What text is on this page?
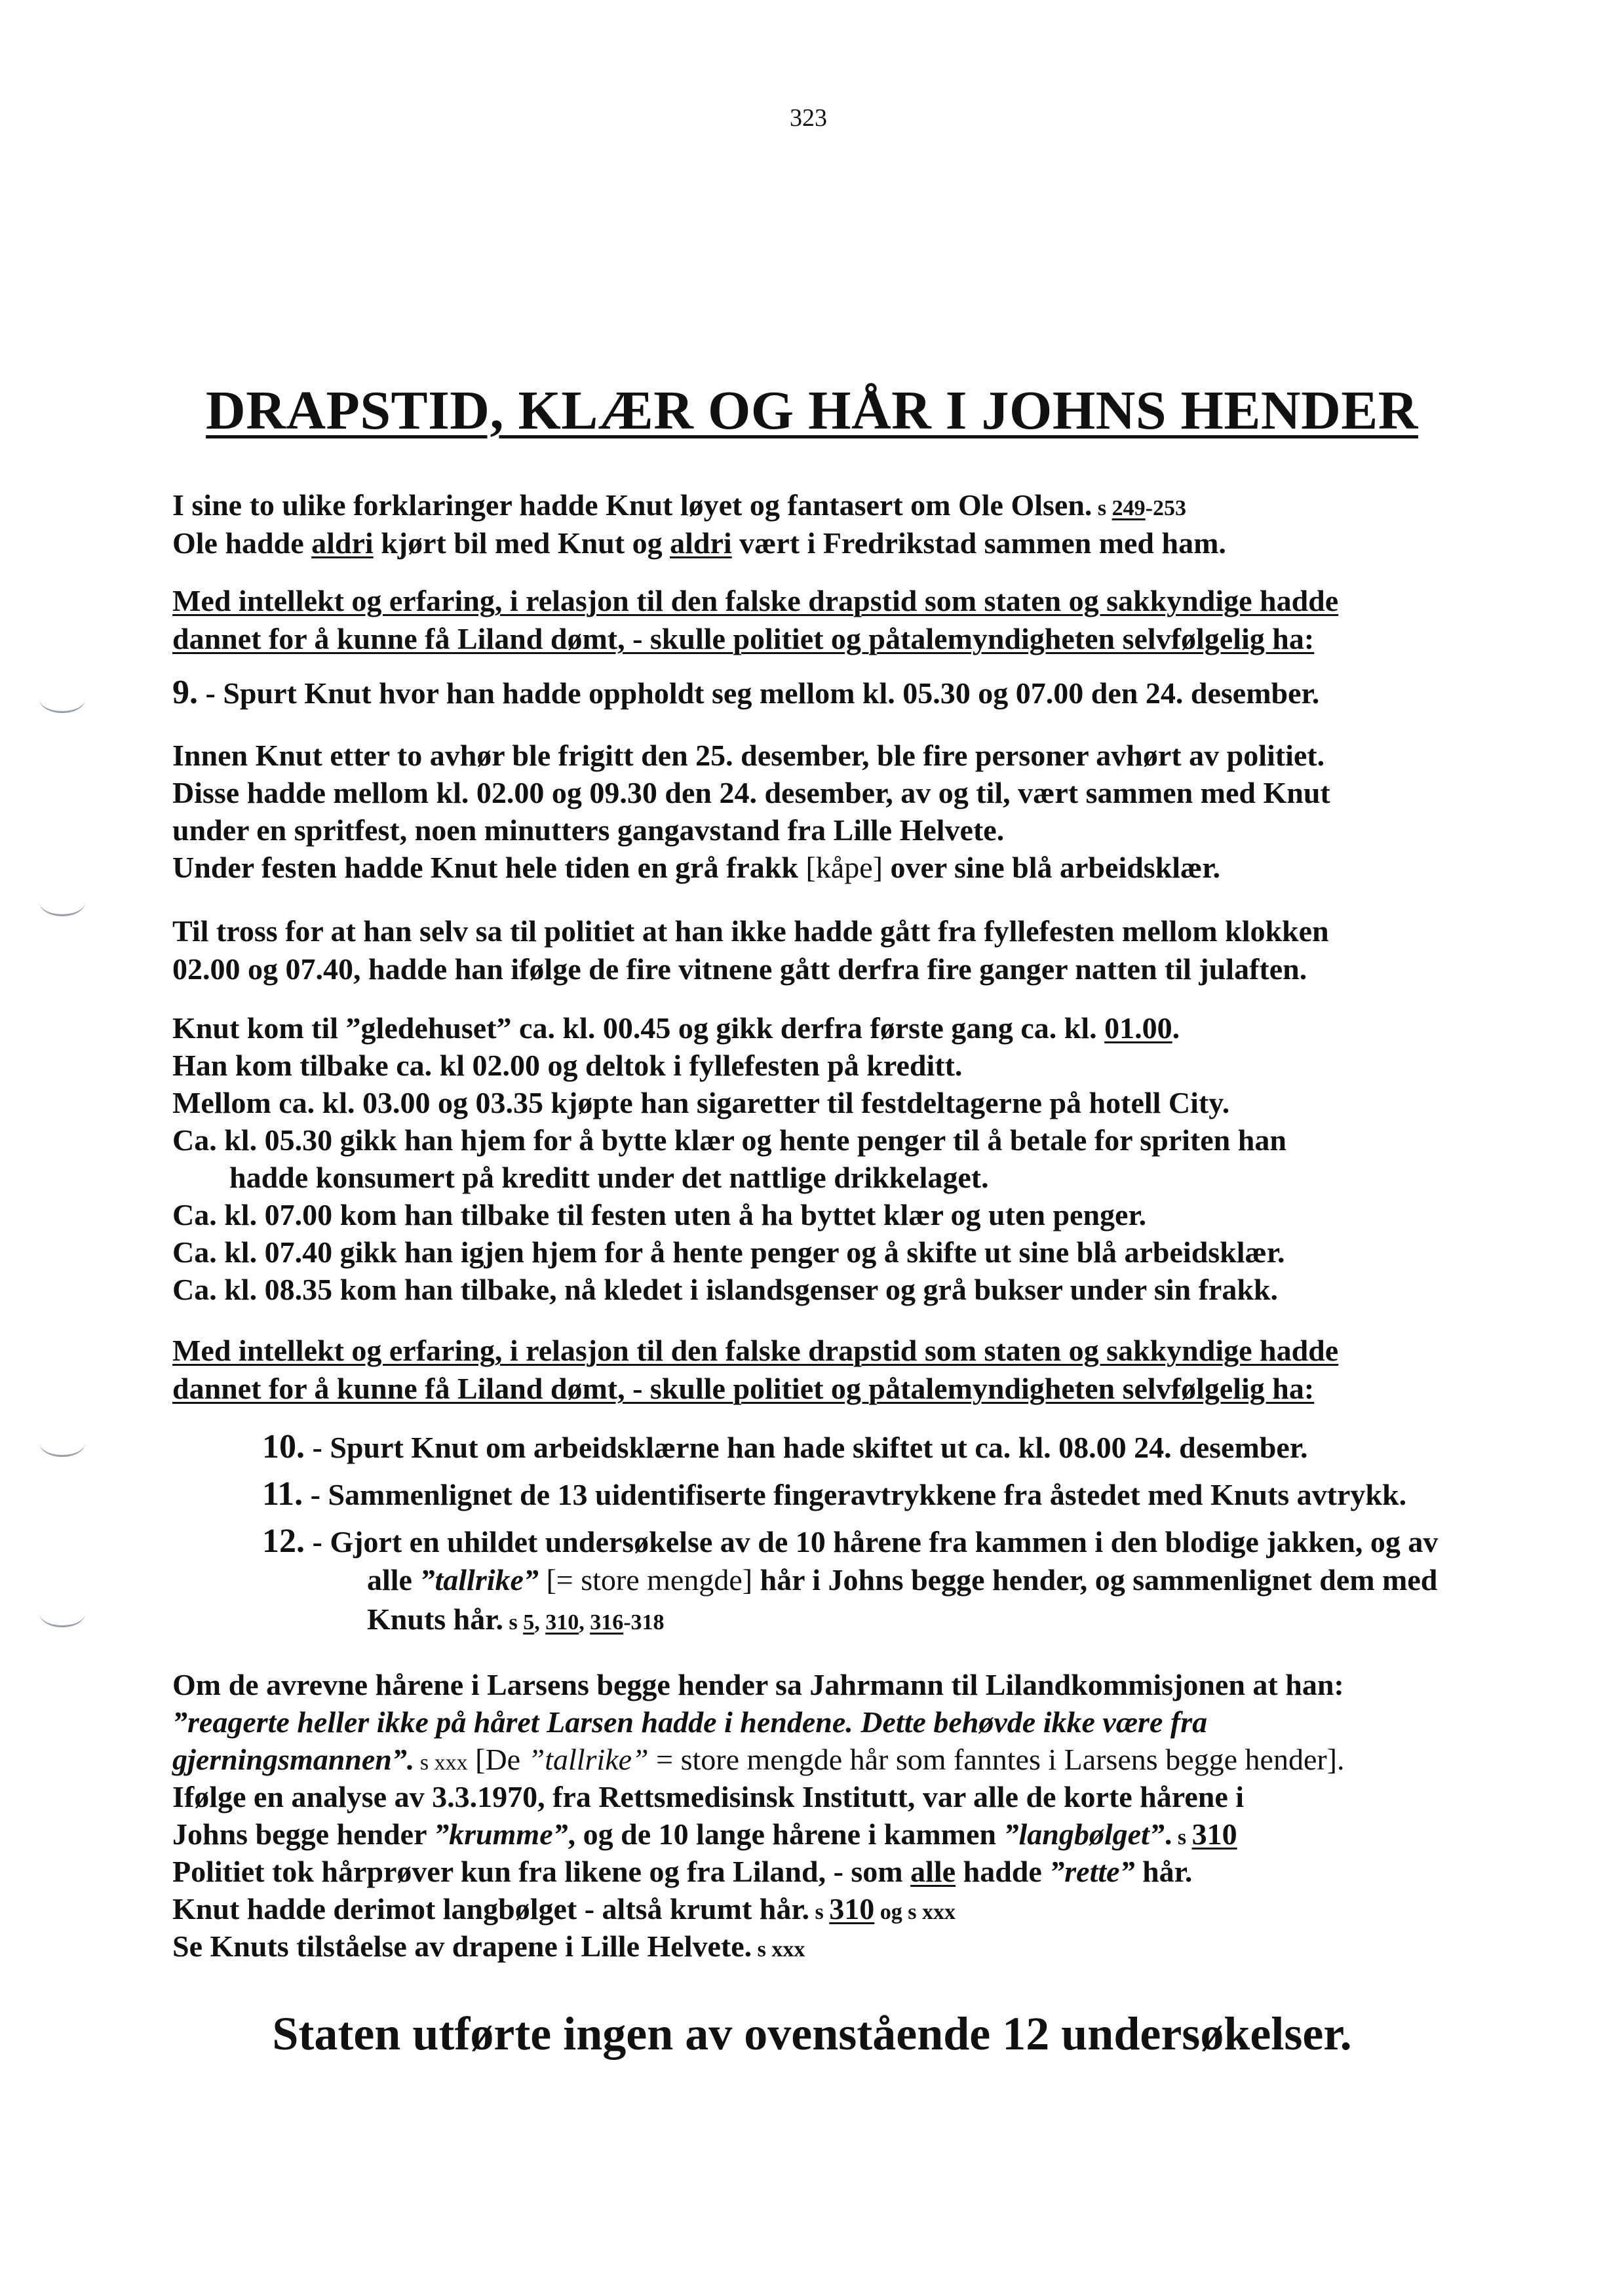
323
DRAPSTID, KLÆR OG HÅR I JOHNS HENDER

I sine to ulike forklaringer hadde Knut løyet og fantasert om Ole Olsen. s 249-253

Ole hadde aldri kjørt bil med Knut og aldri vært i Fredrikstad sammen med ham.

Med intellekt og erfaring, i relasjon til den falske drapstid som staten og sakkyndige hadde

dannet for å kunne få Liland dømt, - skulle politiet og påtalemyndigheten selvfølgelig ha:

9. - Spurt Knut hvor han hadde oppholdt seg mellom kl. 05.30 og 07.00 den 24. desember.

Innen Knut etter to avhør ble frigitt den 25. desember, ble fire personer avhørt av politiet.

Disse hadde mellom kl. 02.00 og 09.30 den 24. desember, av og til, vært sammen med Knut

under en spritfest, noen minutters gangavstand fra Lille Helvete.

Under festen hadde Knut hele tiden en grå frakk [kåpe] over sine blå arbeidsklær.

Til tross for at han selv sa til politiet at han ikke hadde gått fra fyllefesten mellom klokken

02.00 og 07.40, hadde han ifølge de fire vitnene gått derfra fire ganger natten til julaften.

Knut kom til ”gledehuset” ca. kl. 00.45 og gikk derfra første gang ca. kl. 01.00.

Han kom tilbake ca. kl 02.00 og deltok i fyllefesten på kreditt.

Mellom ca. kl. 03.00 og 03.35 kjøpte han sigaretter til festdeltagerne på hotell City.

Ca. kl. 05.30 gikk han hjem for å bytte klær og hente penger til å betale for spriten han

hadde konsumert på kreditt under det nattlige drikkelaget.

Ca. kl. 07.00 kom han tilbake til festen uten å ha byttet klær og uten penger.

Ca. kl. 07.40 gikk han igjen hjem for å hente penger og å skifte ut sine blå arbeidsklær.

Ca. kl. 08.35 kom han tilbake, nå kledet i islandsgenser og grå bukser under sin frakk.

Med intellekt og erfaring, i relasjon til den falske drapstid som staten og sakkyndige hadde

dannet for å kunne få Liland dømt, - skulle politiet og påtalemyndigheten selvfølgelig ha:

10. - Spurt Knut om arbeidsklærne han hade skiftet ut ca. kl. 08.00 24. desember.

11. - Sammenlignet de 13 uidentifiserte fingeravtrykkene fra åstedet med Knuts avtrykk.

12. - Gjort en uhildet undersøkelse av de 10 hårene fra kammen i den blodige jakken, og av

alle ”tallrike” [= store mengde] hår i Johns begge hender, og sammenlignet dem med

Knuts hår. s 5, 310, 316-318

Om de avrevne hårene i Larsens begge hender sa Jahrmann til Lilandkommisjonen at han:

”reagerte heller ikke på håret Larsen hadde i hendene. Dette behøvde ikke være fra

gjerningsmannen”. s xxx [De ”tallrike” = store mengde hår som fanntes i Larsens begge hender].

Ifølge en analyse av 3.3.1970, fra Rettsmedisinsk Institutt, var alle de korte hårene i

Johns begge hender ”krumme”, og de 10 lange hårene i kammen ”langbølget”. s 310

Politiet tok hårprøver kun fra likene og fra Liland, - som alle hadde ”rette” hår.

Knut hadde derimot langbølget - altså krumt hår. s 310 og s xxx

Se Knuts tilståelse av drapene i Lille Helvete. s xxx

Staten utførte ingen av ovenstående 12 undersøkelser.
